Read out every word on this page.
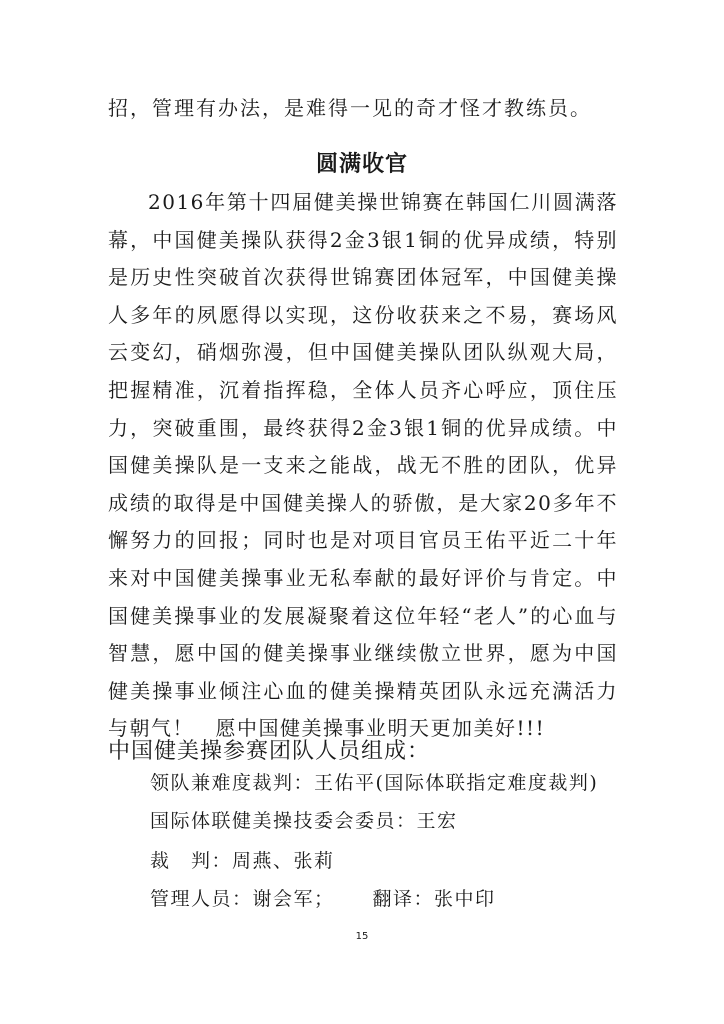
招，管理有办法，是难得一见的奇才怪才教练员。
圆满收官

2016年第十四届健美操世锦赛在韩国仁川圆满落幕，中国健美操队获得2金3银1铜的优异成绩，特别是历史性突破首次获得世锦赛团体冠军，中国健美操人多年的夙愿得以实现，这份收获来之不易，赛场风云变幻，硝烟弥漫，但中国健美操队团队纵观大局，把握精准，沉着指挥稳，全体人员齐心呼应，顶住压力，突破重围，最终获得2金3银1铜的优异成绩。中国健美操队是一支来之能战，战无不胜的团队，优异成绩的取得是中国健美操人的骄傲，是大家20多年不懈努力的回报；同时也是对项目官员王佑平近二十年来对中国健美操事业无私奉献的最好评价与肯定。中国健美操事业的发展凝聚着这位年轻“老人”的心血与智慧，愿中国的健美操事业继续傲立世界，愿为中国健美操事业倾注心血的健美操精英团队永远充满活力与朝气！　愿中国健美操事业明天更加美好!!!

中国健美操参赛团队人员组成：
领队兼难度裁判：王佑平(国际体联指定难度裁判)
国际体联健美操技委会委员：王宏
裁　判：周燕、张莉
管理人员：谢会军； 翻译：张中印
15
